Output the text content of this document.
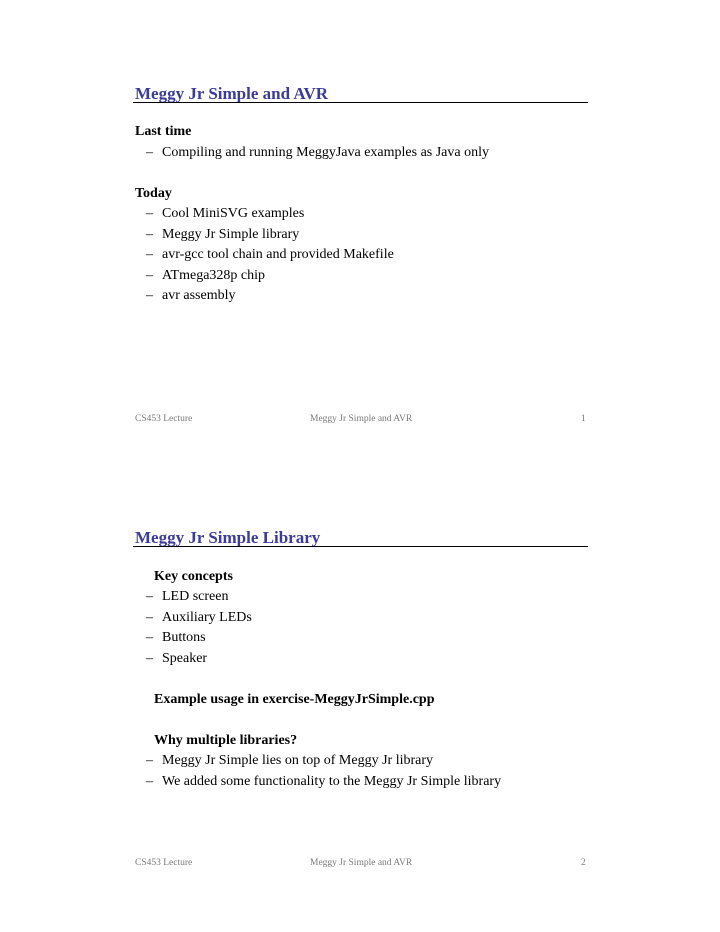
Meggy Jr Simple and AVR
Last time
– Compiling and running MeggyJava examples as Java only
Today
– Cool MiniSVG examples
– Meggy Jr Simple library
– avr-gcc tool chain and provided Makefile
– ATmega328p chip
– avr assembly
CS453 Lecture	Meggy Jr Simple and AVR	1
Meggy Jr Simple Library
Key concepts
– LED screen
– Auxiliary LEDs
– Buttons
– Speaker
Example usage in exercise-MeggyJrSimple.cpp
Why multiple libraries?
– Meggy Jr Simple lies on top of Meggy Jr library
– We added some functionality to the Meggy Jr Simple library
CS453 Lecture	Meggy Jr Simple and AVR	2
